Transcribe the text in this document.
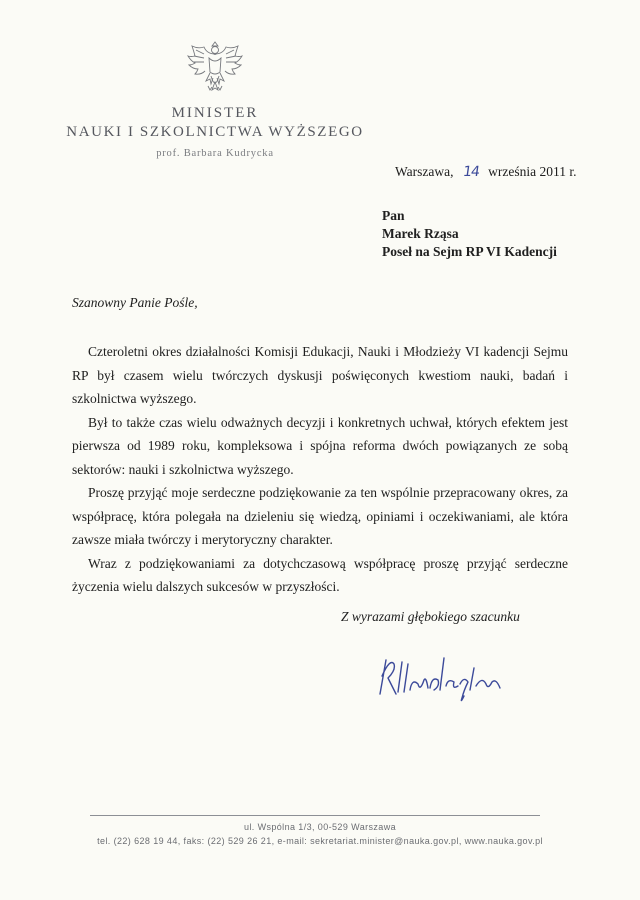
MINISTER
NAUKI I SZKOLNICTWA WYŻSZEGO
prof. Barbara Kudrycka
Warszawa, 14 września 2011 r.
Pan
Marek Rząsa
Poseł na Sejm RP VI Kadencji
Szanowny Panie Pośle,

Czteroletni okres działalności Komisji Edukacji, Nauki i Młodzieży VI kadencji Sejmu RP był czasem wielu twórczych dyskusji poświęconych kwestiom nauki, badań i szkolnictwa wyższego.

Był to także czas wielu odważnych decyzji i konkretnych uchwał, których efektem jest pierwsza od 1989 roku, kompleksowa i spójna reforma dwóch powiązanych ze sobą sektorów: nauki i szkolnictwa wyższego.

Proszę przyjąć moje serdeczne podziękowanie za ten wspólnie przepracowany okres, za współpracę, która polegała na dzieleniu się wiedzą, opiniami i oczekiwaniami, ale która zawsze miała twórczy i merytoryczny charakter.

Wraz z podziękowaniami za dotychczasową współpracę proszę przyjąć serdeczne życzenia wielu dalszych sukcesów w przyszłości.

Z wyrazami głębokiego szacunku
ul. Wspólna 1/3, 00-529 Warszawa
tel. (22) 628 19 44, faks: (22) 529 26 21, e-mail: sekretariat.minister@nauka.gov.pl, www.nauka.gov.pl
